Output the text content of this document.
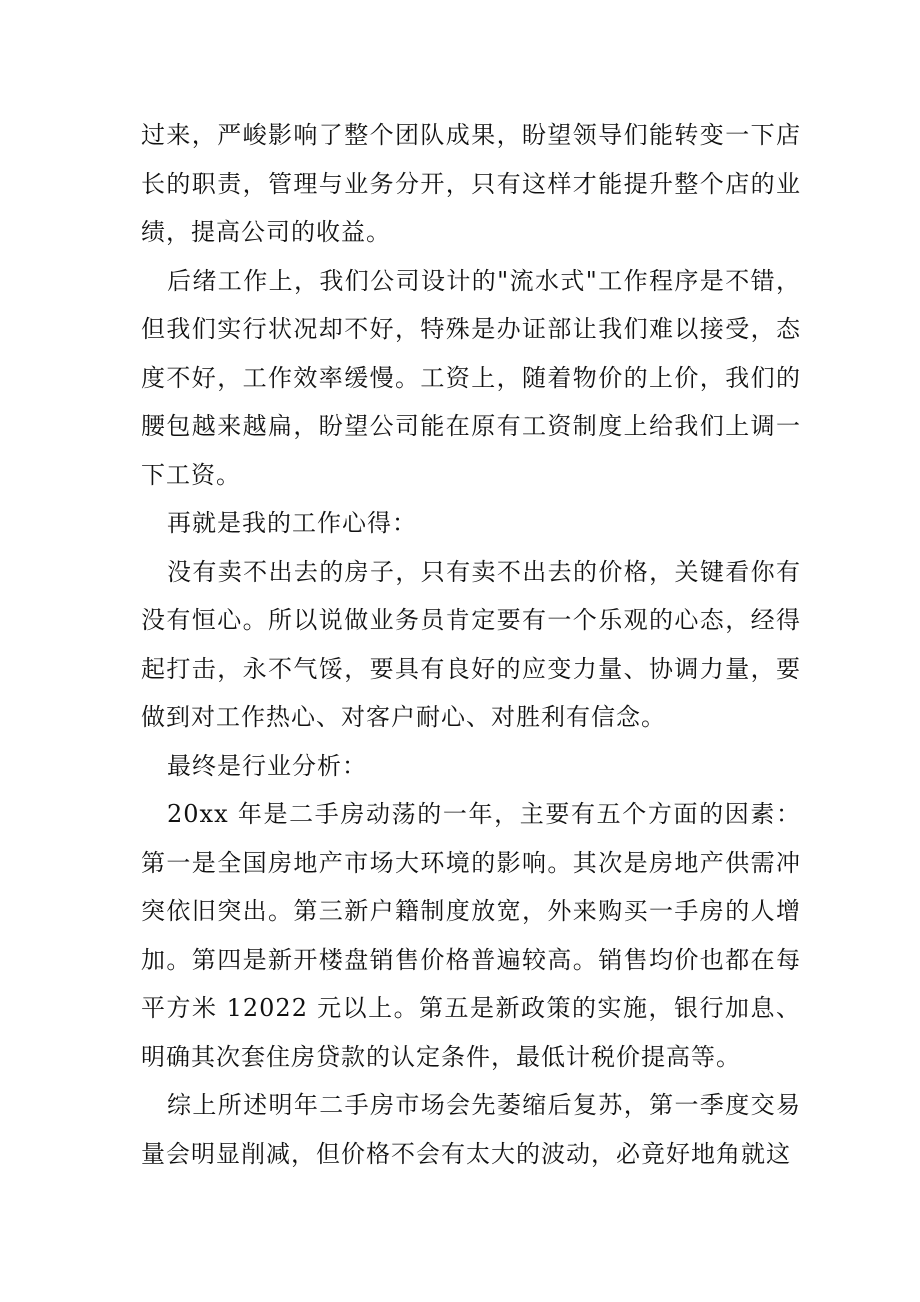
过来，严峻影响了整个团队成果，盼望领导们能转变一下店长的职责，管理与业务分开，只有这样才能提升整个店的业绩，提高公司的收益。

后绪工作上，我们公司设计的"流水式"工作程序是不错，但我们实行状况却不好，特殊是办证部让我们难以接受，态度不好，工作效率缓慢。工资上，随着物价的上价，我们的腰包越来越扁，盼望公司能在原有工资制度上给我们上调一下工资。

再就是我的工作心得：

没有卖不出去的房子，只有卖不出去的价格，关键看你有没有恒心。所以说做业务员肯定要有一个乐观的心态，经得起打击，永不气馁，要具有良好的应变力量、协调力量，要做到对工作热心、对客户耐心、对胜利有信念。

最终是行业分析：

20xx 年是二手房动荡的一年，主要有五个方面的因素：第一是全国房地产市场大环境的影响。其次是房地产供需冲突依旧突出。第三新户籍制度放宽，外来购买一手房的人增加。第四是新开楼盘销售价格普遍较高。销售均价也都在每平方米 12022 元以上。第五是新政策的实施，银行加息、明确其次套住房贷款的认定条件，最低计税价提高等。

综上所述明年二手房市场会先萎缩后复苏，第一季度交易量会明显削减，但价格不会有太大的波动，必竟好地角就这
